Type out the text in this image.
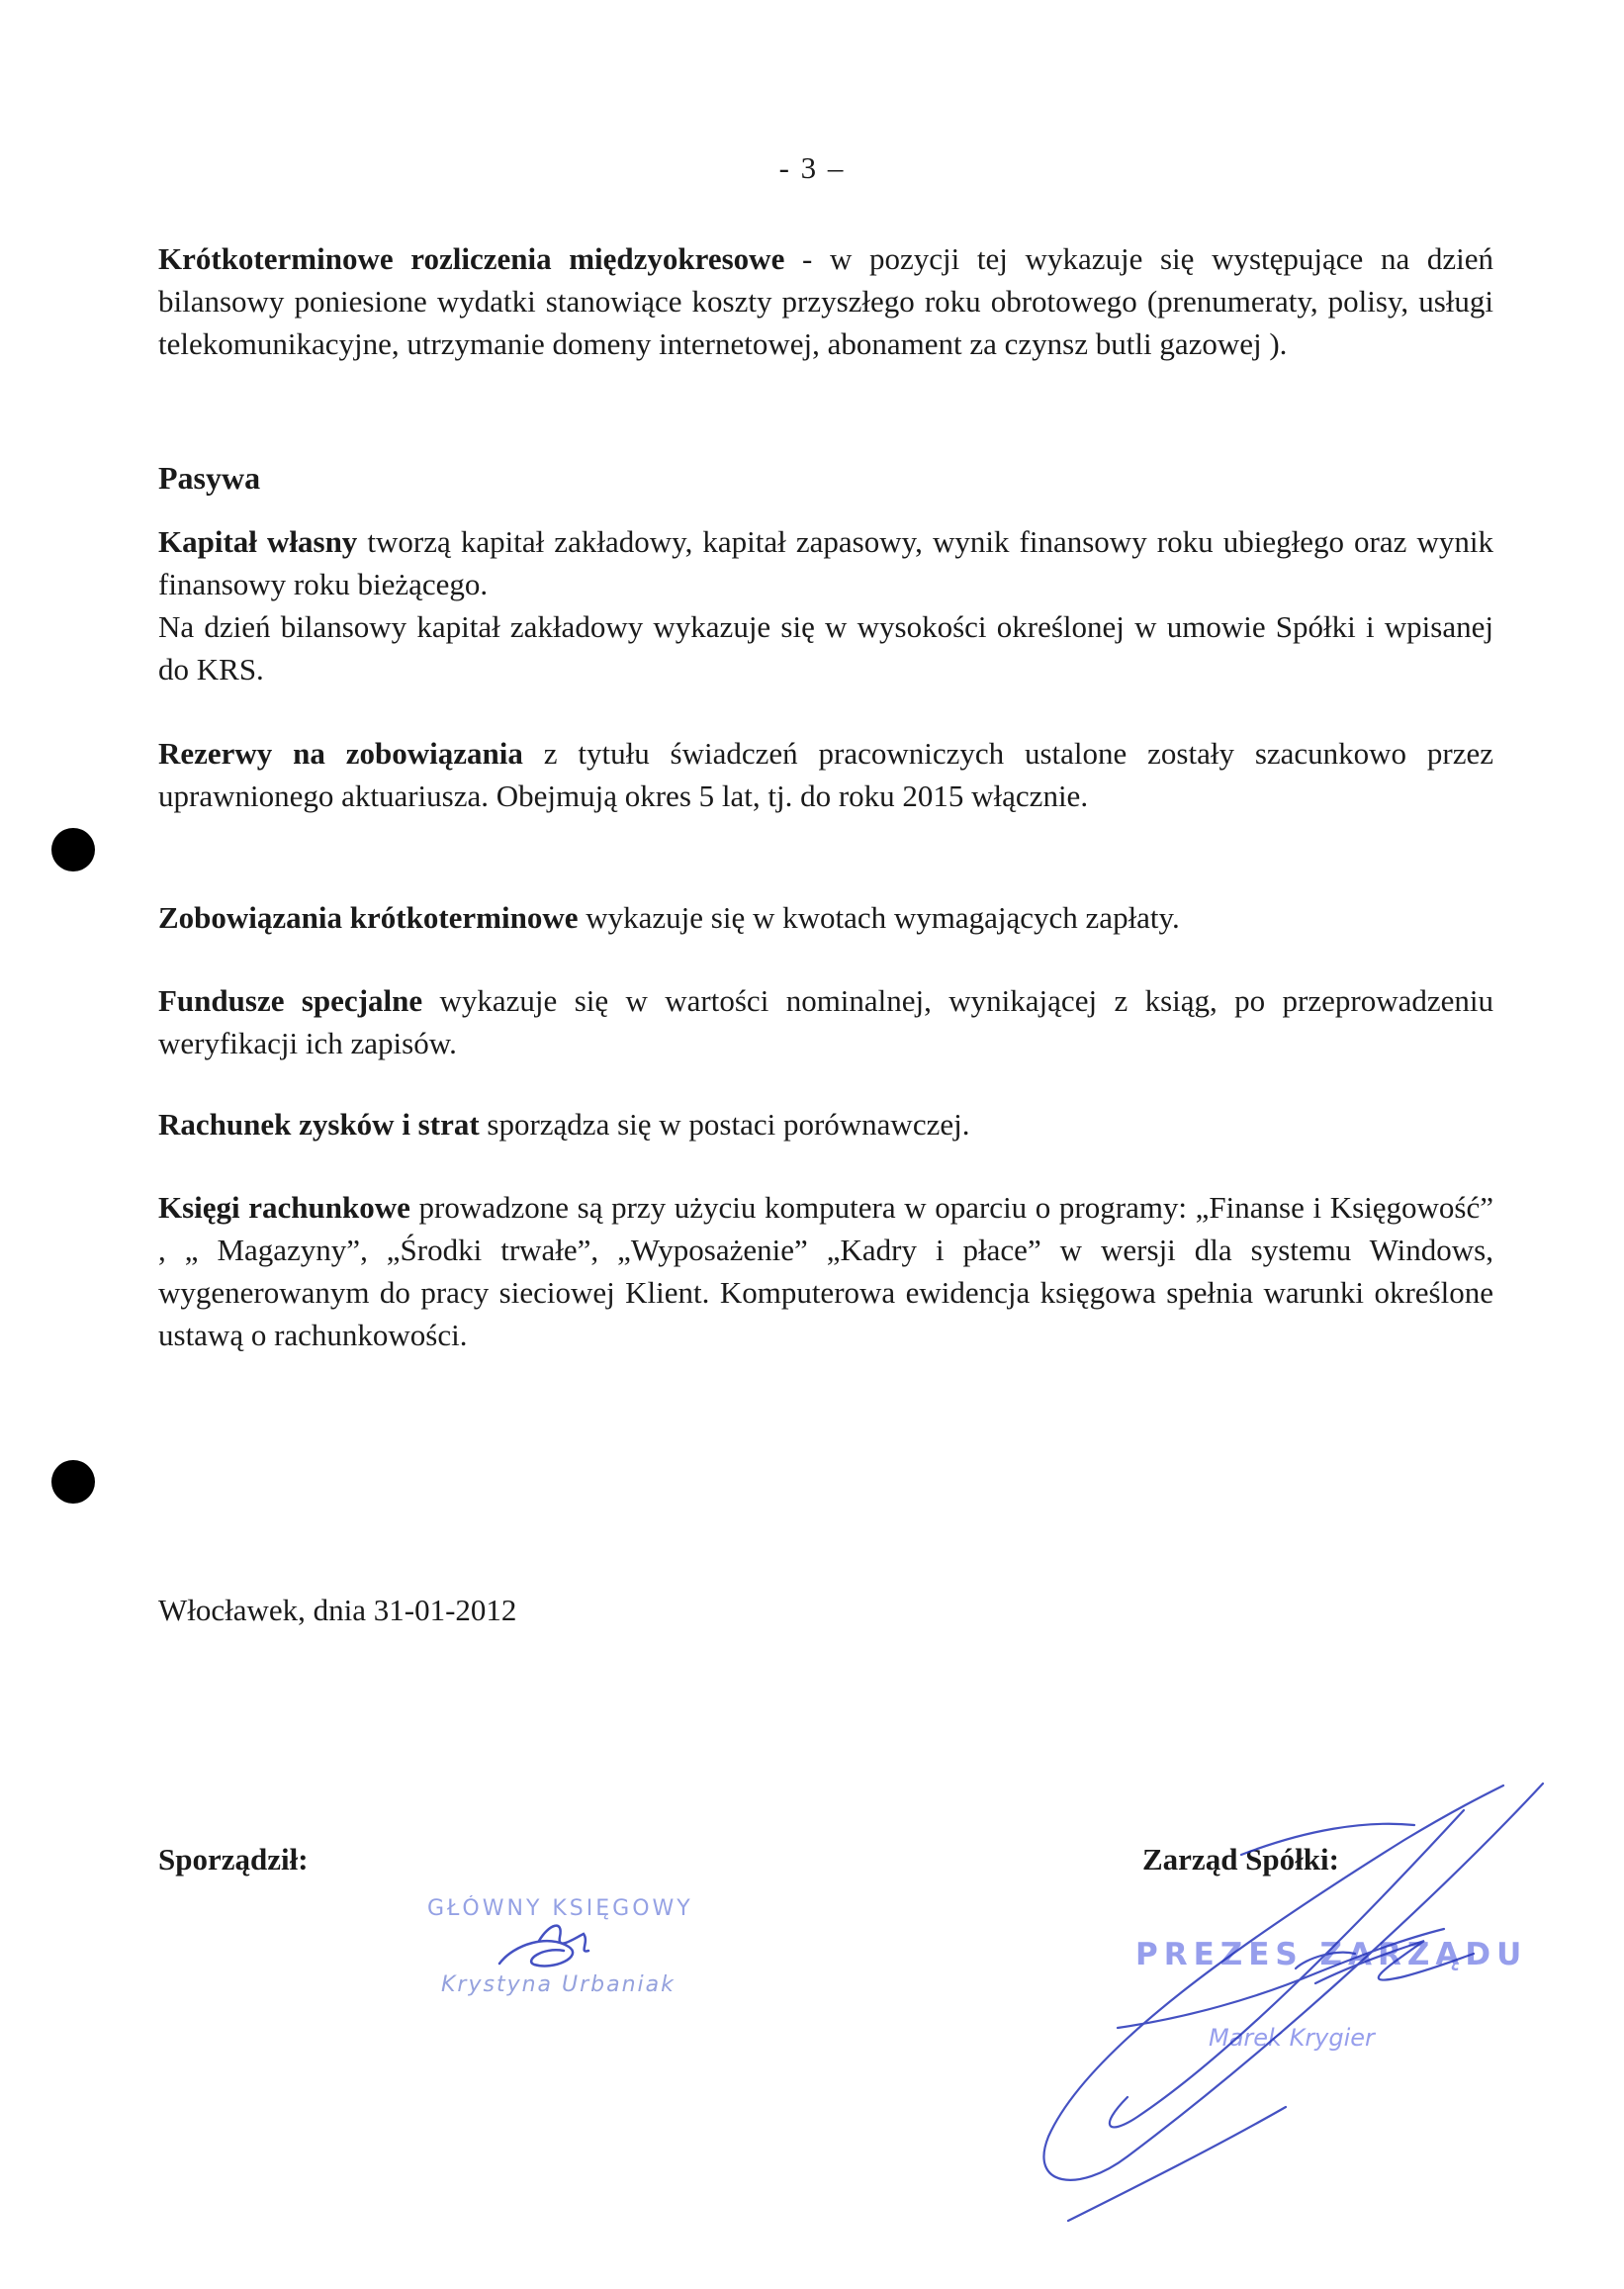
- 3 –

Krótkoterminowe rozliczenia międzyokresowe - w pozycji tej wykazuje się występujące na dzień bilansowy poniesione wydatki stanowiące koszty przyszłego roku obrotowego (prenumeraty, polisy, usługi telekomunikacyjne, utrzymanie domeny internetowej, abonament za czynsz butli gazowej ).

Pasywa

Kapitał własny tworzą kapitał zakładowy, kapitał zapasowy, wynik finansowy roku ubiegłego oraz wynik finansowy roku bieżącego.
Na dzień bilansowy kapitał zakładowy wykazuje się w wysokości określonej w umowie Spółki i wpisanej do KRS.

Rezerwy na zobowiązania z tytułu świadczeń pracowniczych ustalone zostały szacunkowo przez uprawnionego aktuariusza. Obejmują okres 5 lat, tj. do roku 2015 włącznie.

Zobowiązania krótkoterminowe wykazuje się w kwotach wymagających zapłaty.

Fundusze specjalne wykazuje się w wartości nominalnej, wynikającej z ksiąg, po przeprowadzeniu weryfikacji ich zapisów.

Rachunek zysków i strat sporządza się w postaci porównawczej.

Księgi rachunkowe prowadzone są przy użyciu komputera w oparciu o programy: „Finanse i Księgowość” , „ Magazyny”, „Środki trwałe”, „Wyposażenie” „Kadry i płace” w wersji dla systemu Windows, wygenerowanym do pracy sieciowej Klient. Komputerowa ewidencja księgowa spełnia warunki określone ustawą o rachunkowości.

Włocławek, dnia 31-01-2012
Sporządził:	Zarząd Spółki:
GŁÓWNY KSIĘGOWY
Krystyna Urbaniak
PREZES ZARZĄDU
Marek Krygier
